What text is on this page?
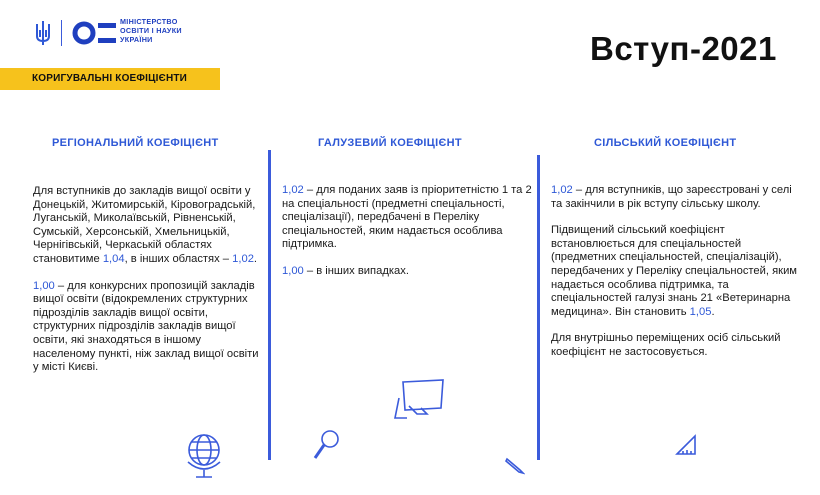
МІНІСТЕРСТВО
ОСВІТИ І НАУКИ
УКРАЇНИ	Вступ-2021
КОРИГУВАЛЬНІ КОЕФІЦІЄНТИ
РЕГІОНАЛЬНИЙ КОЕФІЦІЄНТ	ГАЛУЗЕВИЙ КОЕФІЦІЄНТ	СІЛЬСЬКИЙ КОЕФІЦІЄНТ

Для вступників до закладів вищої освіти у Донецькій, Житомирській, Кіровоградській, Луганській, Миколаївській, Рівненській, Сумській, Херсонській, Хмельницькій, Чернігівській, Черкаській областях становитиме 1,04, в інших областях – 1,02.

1,00 – для конкурсних пропозицій закладів вищої освіти (відокремлених структурних підрозділів закладів вищої освіти, структурних підрозділів закладів вищої освіти, які знаходяться в іншому населеному пункті, ніж заклад вищої освіти у місті Києві.

1,02 – для поданих заяв із пріоритетністю 1 та 2 на спеціальності (предметні спеціальності, спеціалізації), передбачені в Переліку спеціальностей, яким надається особлива підтримка.

1,00 – в інших випадках.

1,02 – для вступників, що зареєстровані у селі та закінчили в рік вступу сільську школу.

Підвищений сільський коефіцієнт встановлюється для спеціальностей (предметних спеціальностей, спеціалізацій), передбачених у Переліку спеціальностей, яким надається особлива підтримка, та спеціальностей галузі знань 21 «Ветеринарна медицина». Він становить 1,05.

Для внутрішньо переміщених осіб сільський коефіцієнт не застосовується.
